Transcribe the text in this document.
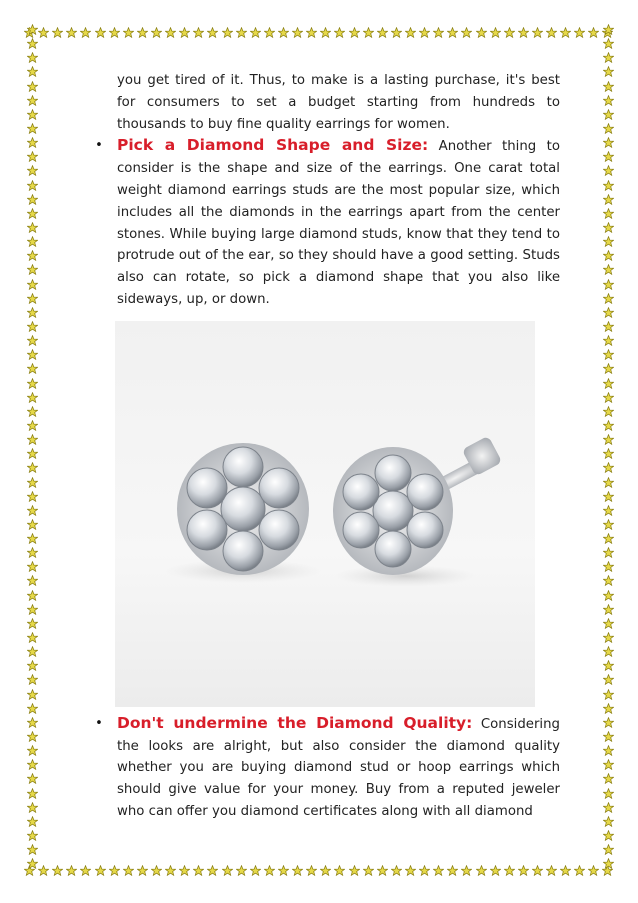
you get tired of it. Thus, to make is a lasting purchase, it's best for consumers to set a budget starting from hundreds to thousands to buy fine quality earrings for women.

• Pick a Diamond Shape and Size: Another thing to consider is the shape and size of the earrings. One carat total weight diamond earrings studs are the most popular size, which includes all the diamonds in the earrings apart from the center stones. While buying large diamond studs, know that they tend to protrude out of the ear, so they should have a good setting. Studs also can rotate, so pick a diamond shape that you also like sideways, up, or down.
• Don't undermine the Diamond Quality: Considering the looks are alright, but also consider the diamond quality whether you are buying diamond stud or hoop earrings which should give value for your money. Buy from a reputed jeweler who can offer you diamond certificates along with all diamond
